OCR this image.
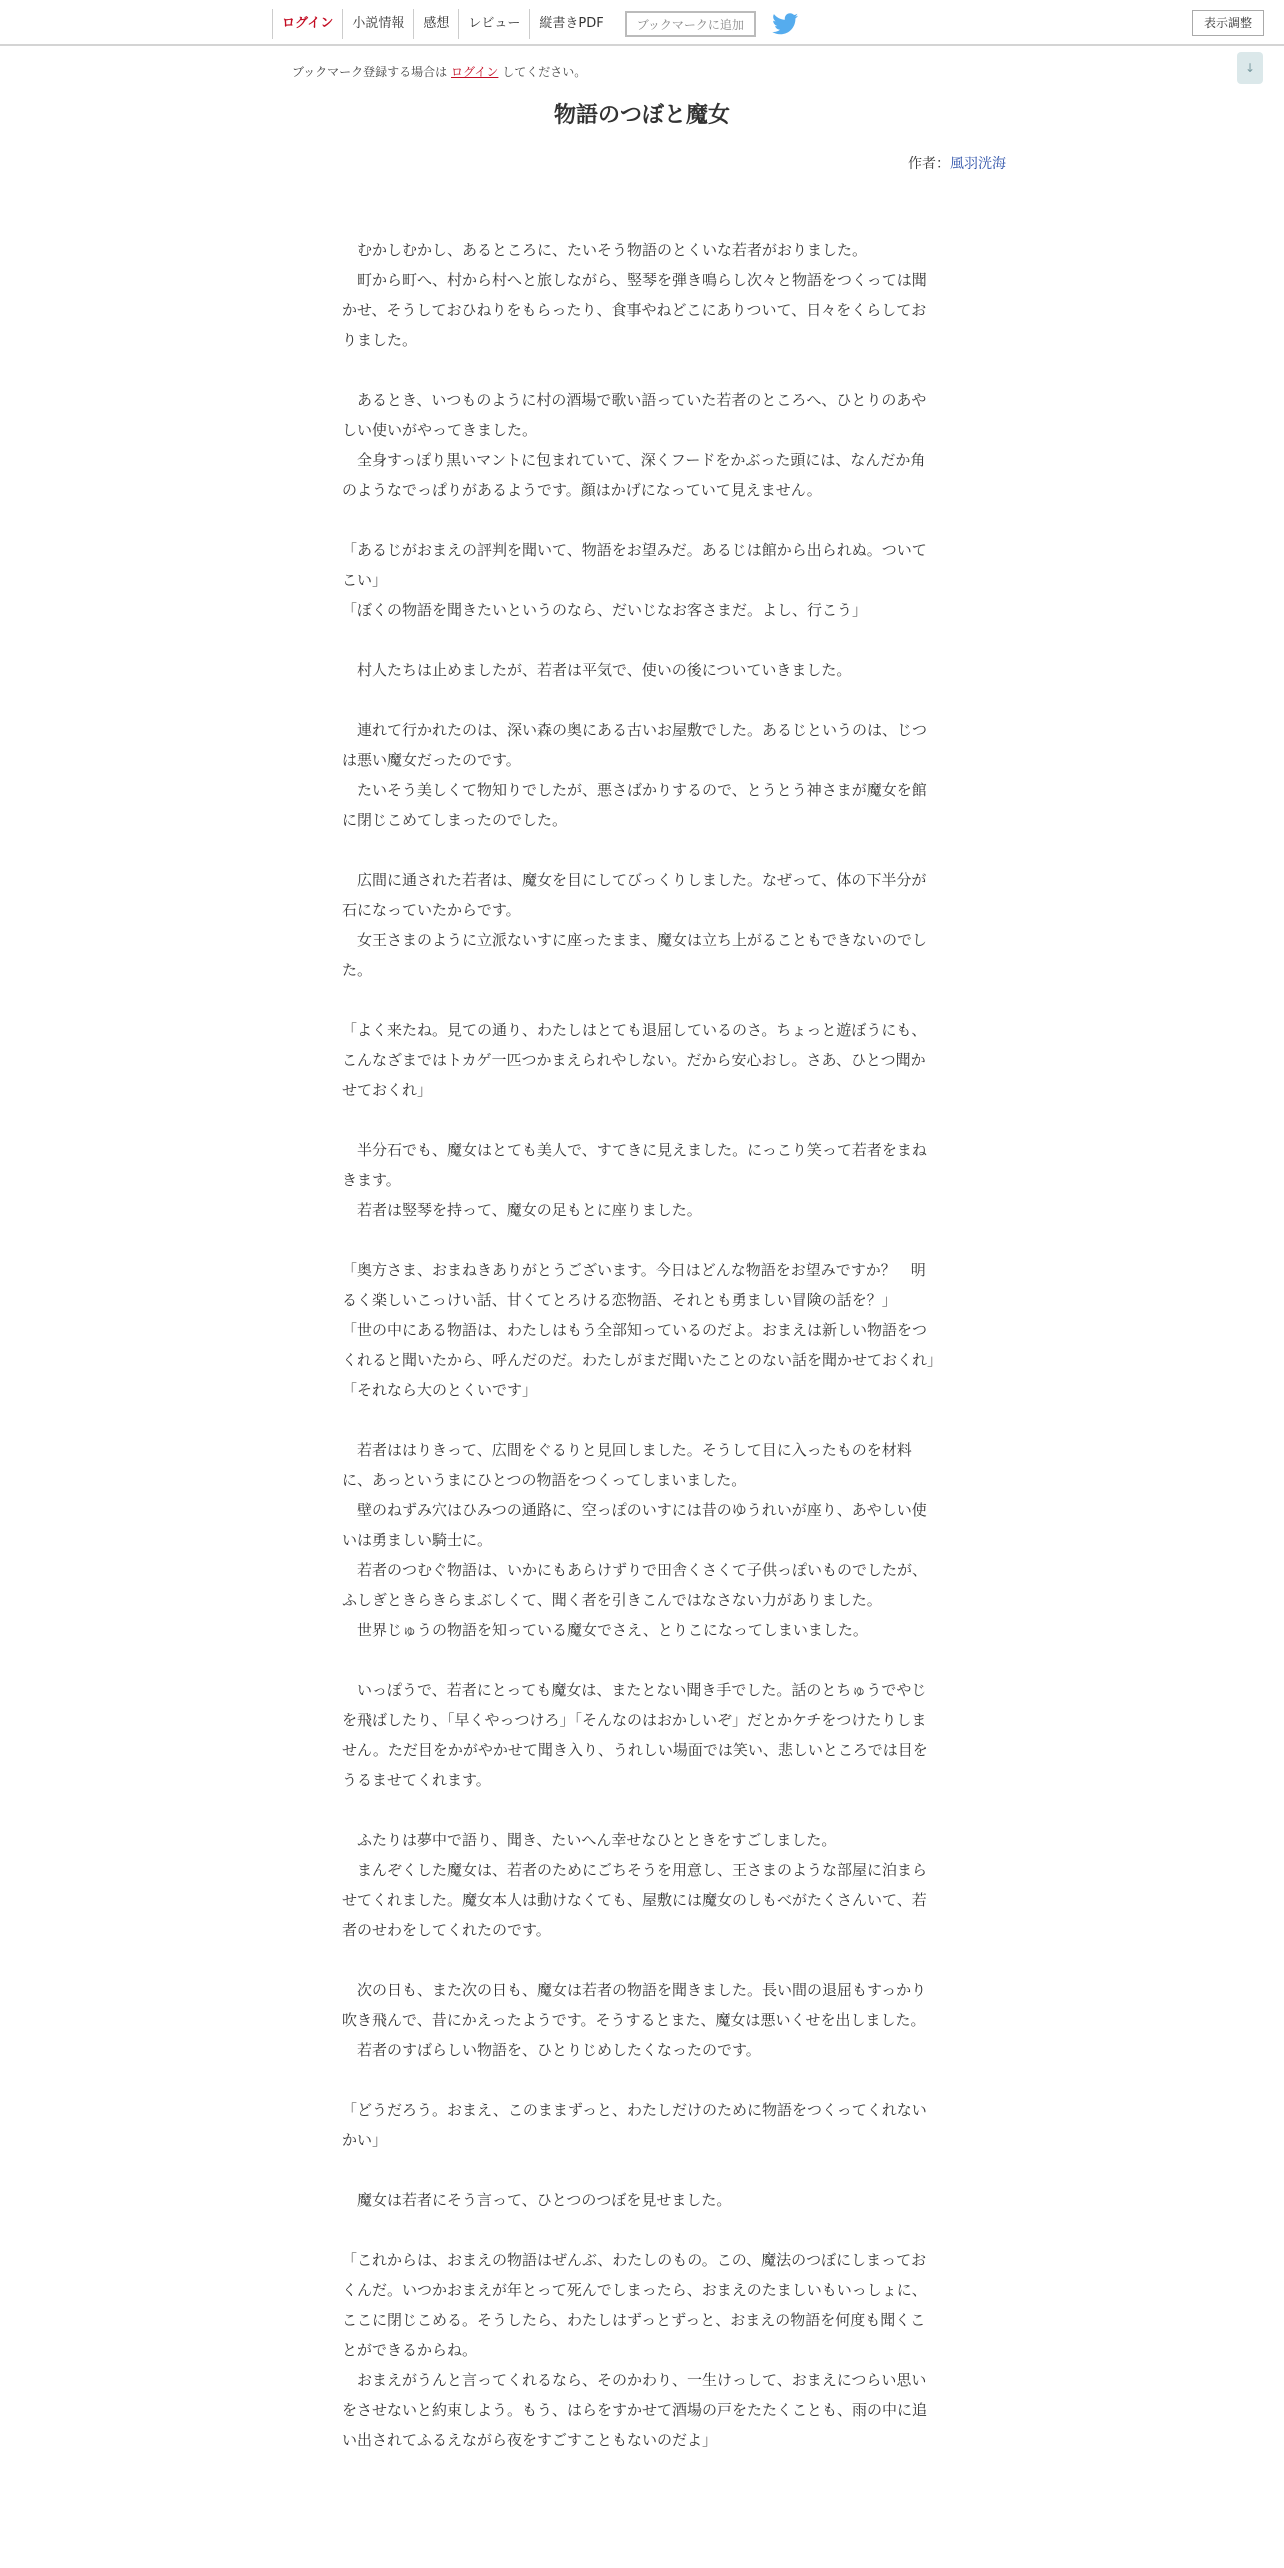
ログイン	小説情報	感想	レビュー	縦書きPDF	ブックマークに追加	表示調整
↓
ブックマーク登録する場合は ログイン してください。
物語のつぼと魔女
作者：風羽洸海

　むかしむかし、あるところに、たいそう物語のとくいな若者がおりました。

　町から町へ、村から村へと旅しながら、竪琴を弾き鳴らし次々と物語をつくっては聞かせ、そうしておひねりをもらったり、食事やねどこにありついて、日々をくらしておりました。

　あるとき、いつものように村の酒場で歌い語っていた若者のところへ、ひとりのあやしい使いがやってきました。

　全身すっぽり黒いマントに包まれていて、深くフードをかぶった頭には、なんだか角のようなでっぱりがあるようです。顔はかげになっていて見えません。

「あるじがおまえの評判を聞いて、物語をお望みだ。あるじは館から出られぬ。ついてこい」

「ぼくの物語を聞きたいというのなら、だいじなお客さまだ。よし、行こう」

　村人たちは止めましたが、若者は平気で、使いの後についていきました。

　連れて行かれたのは、深い森の奥にある古いお屋敷でした。あるじというのは、じつは悪い魔女だったのです。

　たいそう美しくて物知りでしたが、悪さばかりするので、とうとう神さまが魔女を館に閉じこめてしまったのでした。

　広間に通された若者は、魔女を目にしてびっくりしました。なぜって、体の下半分が石になっていたからです。

　女王さまのように立派ないすに座ったまま、魔女は立ち上がることもできないのでした。

「よく来たね。見ての通り、わたしはとても退屈しているのさ。ちょっと遊ぼうにも、こんなざまではトカゲ一匹つかまえられやしない。だから安心おし。さあ、ひとつ聞かせておくれ」

　半分石でも、魔女はとても美人で、すてきに見えました。にっこり笑って若者をまねきます。

　若者は竪琴を持って、魔女の足もとに座りました。

「奥方さま、おまねきありがとうございます。今日はどんな物語をお望みですか？　明るく楽しいこっけい話、甘くてとろける恋物語、それとも勇ましい冒険の話を？」

「世の中にある物語は、わたしはもう全部知っているのだよ。おまえは新しい物語をつくれると聞いたから、呼んだのだ。わたしがまだ聞いたことのない話を聞かせておくれ」

「それなら大のとくいです」

　若者ははりきって、広間をぐるりと見回しました。そうして目に入ったものを材料に、あっというまにひとつの物語をつくってしまいました。

　壁のねずみ穴はひみつの通路に、空っぽのいすには昔のゆうれいが座り、あやしい使いは勇ましい騎士に。

　若者のつむぐ物語は、いかにもあらけずりで田舎くさくて子供っぽいものでしたが、ふしぎときらきらまぶしくて、聞く者を引きこんではなさない力がありました。

　世界じゅうの物語を知っている魔女でさえ、とりこになってしまいました。

　いっぽうで、若者にとっても魔女は、またとない聞き手でした。話のとちゅうでやじを飛ばしたり、「早くやっつけろ」「そんなのはおかしいぞ」だとかケチをつけたりしません。ただ目をかがやかせて聞き入り、うれしい場面では笑い、悲しいところでは目をうるませてくれます。

　ふたりは夢中で語り、聞き、たいへん幸せなひとときをすごしました。

　まんぞくした魔女は、若者のためにごちそうを用意し、王さまのような部屋に泊まらせてくれました。魔女本人は動けなくても、屋敷には魔女のしもべがたくさんいて、若者のせわをしてくれたのです。

　次の日も、また次の日も、魔女は若者の物語を聞きました。長い間の退屈もすっかり吹き飛んで、昔にかえったようです。そうするとまた、魔女は悪いくせを出しました。

　若者のすばらしい物語を、ひとりじめしたくなったのです。

「どうだろう。おまえ、このままずっと、わたしだけのために物語をつくってくれないかい」

　魔女は若者にそう言って、ひとつのつぼを見せました。

「これからは、おまえの物語はぜんぶ、わたしのもの。この、魔法のつぼにしまっておくんだ。いつかおまえが年とって死んでしまったら、おまえのたましいもいっしょに、ここに閉じこめる。そうしたら、わたしはずっとずっと、おまえの物語を何度も聞くことができるからね。

　おまえがうんと言ってくれるなら、そのかわり、一生けっして、おまえにつらい思いをさせないと約束しよう。もう、はらをすかせて酒場の戸をたたくことも、雨の中に追い出されてふるえながら夜をすごすこともないのだよ」
